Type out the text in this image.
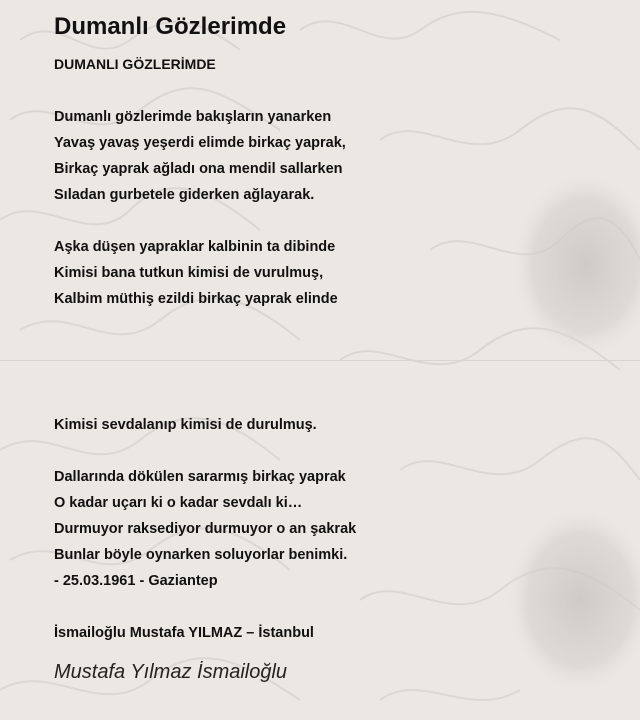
Dumanlı Gözlerimde
DUMANLI GÖZLERİMDE
Dumanlı gözlerimde bakışların yanarken
Yavaş yavaş yeşerdi elimde birkaç yaprak,
Birkaç yaprak ağladı ona mendil sallarken
Sıladan gurbetele giderken ağlayarak.
Aşka düşen yapraklar kalbinin ta dibinde
Kimisi bana tutkun kimisi de vurulmuş,
Kalbim müthiş ezildi birkaç yaprak elinde
Kimisi sevdalanıp kimisi de durulmuş.
Dallarında dökülen sararmış birkaç yaprak
O kadar uçarı ki o kadar sevdalı ki…
Durmuyor raksediyor durmuyor o an şakrak
Bunlar böyle oynarken soluyorlar benimki.
- 25.03.1961 - Gaziantep
İsmailoğlu Mustafa YILMAZ – İstanbul
Mustafa Yılmaz İsmailoğlu
